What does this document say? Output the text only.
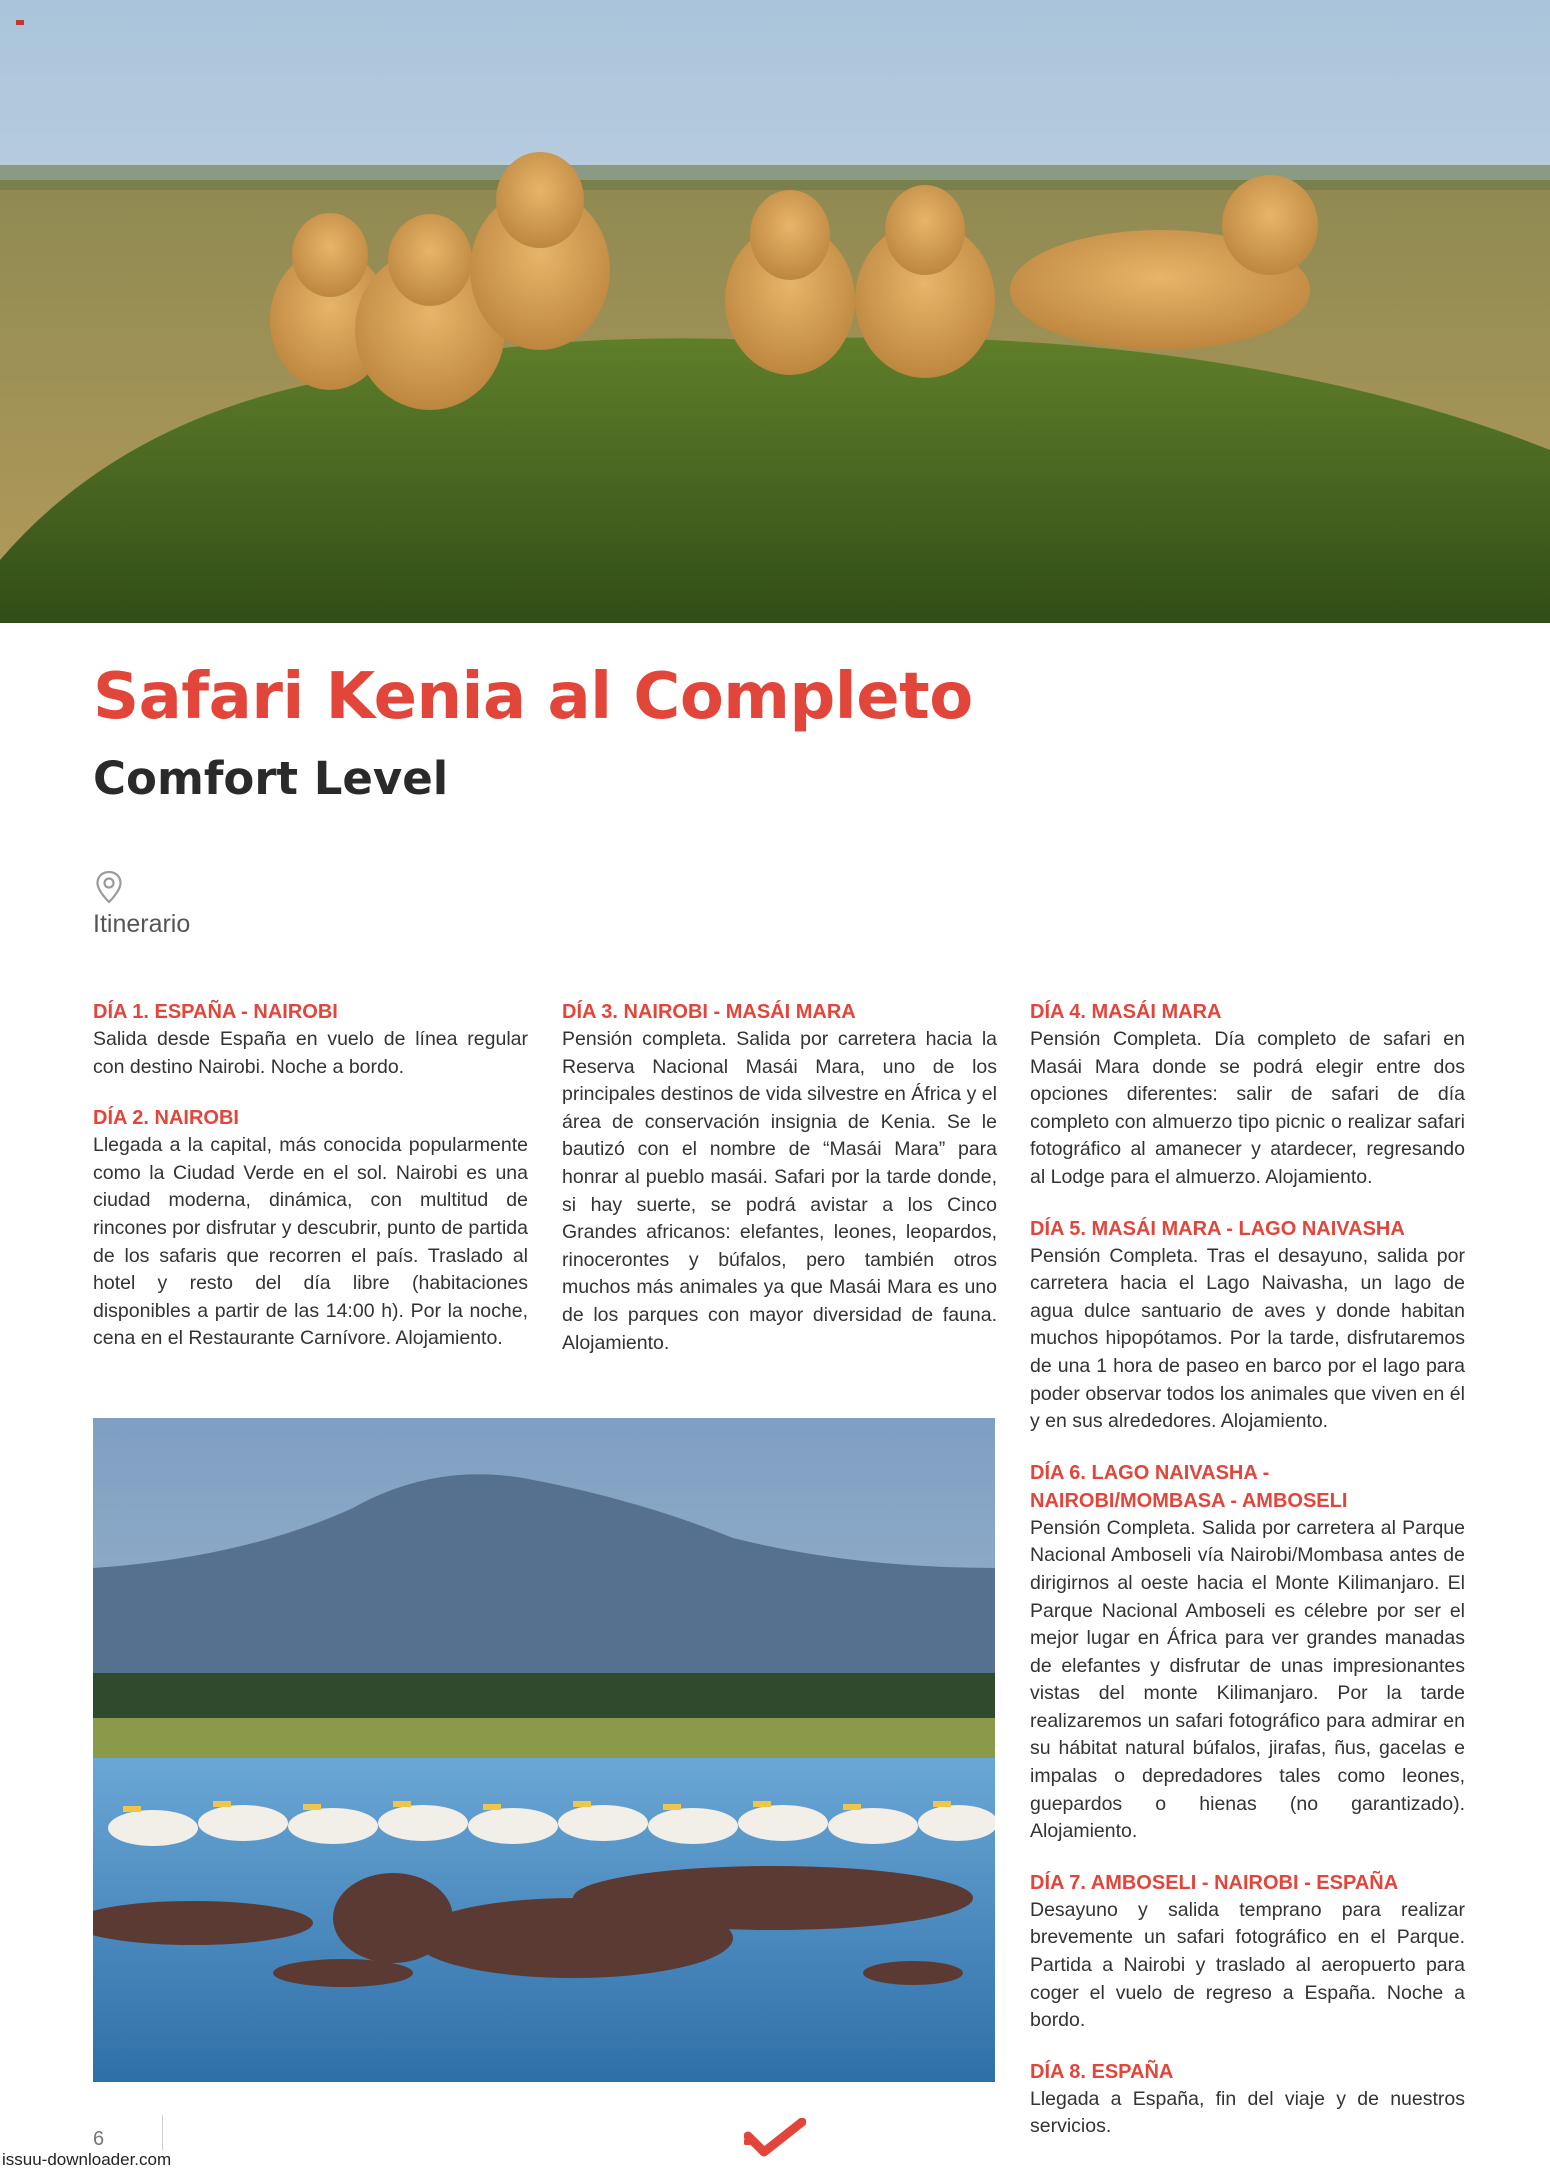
Safari Kenia al Completo
Comfort Level
Itinerario

DÍA 1. ESPAÑA - NAIROBI

Salida desde España en vuelo de línea regular con destino Nairobi. Noche a bordo.

DÍA 2. NAIROBI

Llegada a la capital, más conocida popularmente como la Ciudad Verde en el sol. Nairobi es una ciudad moderna, dinámica, con multitud de rincones por disfrutar y descubrir, punto de partida de los safaris que recorren el país. Traslado al hotel y resto del día libre (habitaciones disponibles a partir de las 14:00 h). Por la noche, cena en el Restaurante Carnívore. Alojamiento.

DÍA 3. NAIROBI - MASÁI MARA

Pensión completa. Salida por carretera hacia la Reserva Nacional Masái Mara, uno de los principales destinos de vida silvestre en África y el área de conservación insignia de Kenia. Se le bautizó con el nombre de “Masái Mara” para honrar al pueblo masái. Safari por la tarde donde, si hay suerte, se podrá avistar a los Cinco Grandes africanos: elefantes, leones, leopardos, rinocerontes y búfalos, pero también otros muchos más animales ya que Masái Mara es uno de los parques con mayor diversidad de fauna. Alojamiento.

DÍA 4. MASÁI MARA

Pensión Completa. Día completo de safari en Masái Mara donde se podrá elegir entre dos opciones diferentes: salir de safari de día completo con almuerzo tipo picnic o realizar safari fotográfico al amanecer y atardecer, regresando al Lodge para el almuerzo. Alojamiento.

DÍA 5. MASÁI MARA - LAGO NAIVASHA

Pensión Completa. Tras el desayuno, salida por carretera hacia el Lago Naivasha, un lago de agua dulce santuario de aves y donde habitan muchos hipopótamos. Por la tarde, disfrutaremos de una 1 hora de paseo en barco por el lago para poder observar todos los animales que viven en él y en sus alrededores. Alojamiento.

DÍA 6. LAGO NAIVASHA - NAIROBI/MOMBASA - AMBOSELI

Pensión Completa. Salida por carretera al Parque Nacional Amboseli vía Nairobi/Mombasa antes de dirigirnos al oeste hacia el Monte Kilimanjaro. El Parque Nacional Amboseli es célebre por ser el mejor lugar en África para ver grandes manadas de elefantes y disfrutar de unas impresionantes vistas del monte Kilimanjaro. Por la tarde realizaremos un safari fotográfico para admirar en su hábitat natural búfalos, jirafas, ñus, gacelas e impalas o depredadores tales como leones, guepardos o hienas (no garantizado). Alojamiento.

DÍA 7. AMBOSELI - NAIROBI - ESPAÑA

Desayuno y salida temprano para realizar brevemente un safari fotográfico en el Parque. Partida a Nairobi y traslado al aeropuerto para coger el vuelo de regreso a España. Noche a bordo.

DÍA 8. ESPAÑA

Llegada a España, fin del viaje y de nuestros servicios.

6
issuu-downloader.com
